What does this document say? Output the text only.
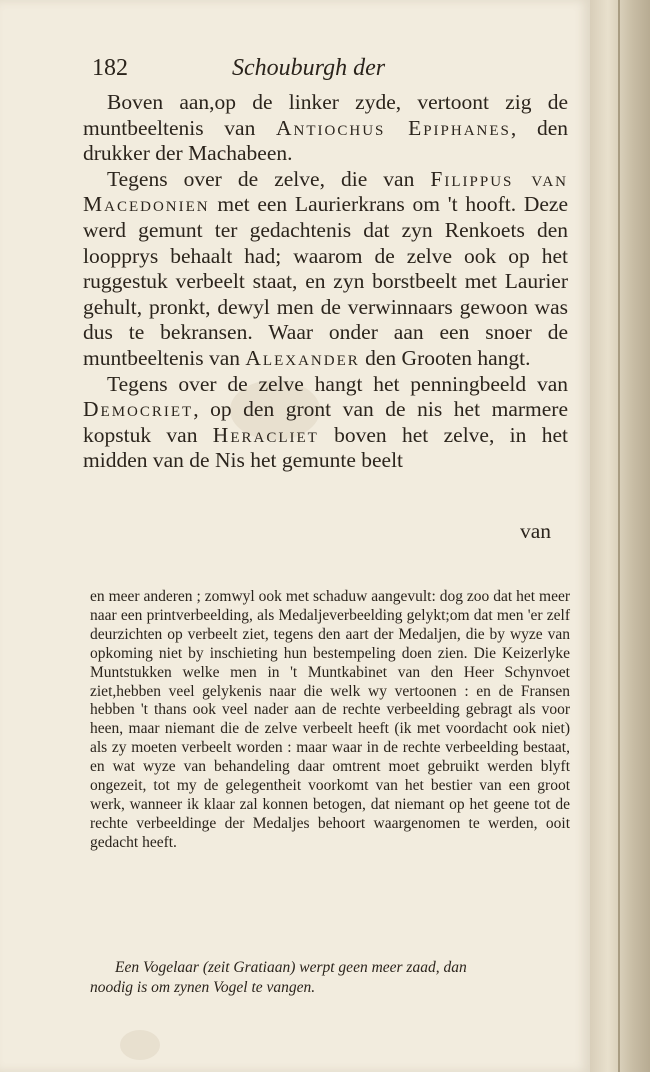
182	Schouburgh der

Boven aan,op de linker zyde, vertoont zig de muntbeeltenis van Antiochus Epiphanes, den drukker der Machabeen.

Tegens over de zelve, die van Filippus van Macedonien met een Laurierkrans om 't hooft. Deze werd gemunt ter gedachtenis dat zyn Renkoets den loopprys behaalt had; waarom de zelve ook op het ruggestuk verbeelt staat, en zyn borstbeelt met Laurier gehult, pronkt, dewyl men de verwinnaars gewoon was dus te bekransen. Waar onder aan een snoer de muntbeeltenis van Alexander den Grooten hangt.

Tegens over de zelve hangt het penningbeeld van Democriet, op den gront van de nis het marmere kopstuk van Heracliet boven het zelve, in het midden van de Nis het gemunte beelt

van
en meer anderen ; zomwyl ook met schaduw aangevult: dog zoo dat het meer naar een printverbeelding, als Medaljeverbeelding gelykt;om dat men 'er zelf deurzichten op verbeelt ziet, tegens den aart der Medaljen, die by wyze van opkoming niet by inschieting hun bestempeling doen zien. Die Keizerlyke Muntstukken welke men in 't Muntkabinet van den Heer Schynvoet ziet,hebben veel gelykenis naar die welk wy vertoonen : en de Fransen hebben 't thans ook veel nader aan de rechte verbeelding gebragt als voor heen, maar niemant die de zelve verbeelt heeft (ik met voordacht ook niet) als zy moeten verbeelt worden : maar waar in de rechte verbeelding bestaat, en wat wyze van behandeling daar omtrent moet gebruikt werden blyft ongezeit, tot my de gelegentheit voorkomt van het bestier van een groot werk, wanneer ik klaar zal konnen betogen, dat niemant op het geene tot de rechte verbeeldinge der Medaljes behoort waargenomen te werden, ooit gedacht heeft.
Een Vogelaar (zeit Gratiaan) werpt geen meer zaad, dan
noodig is om zynen Vogel te vangen.
